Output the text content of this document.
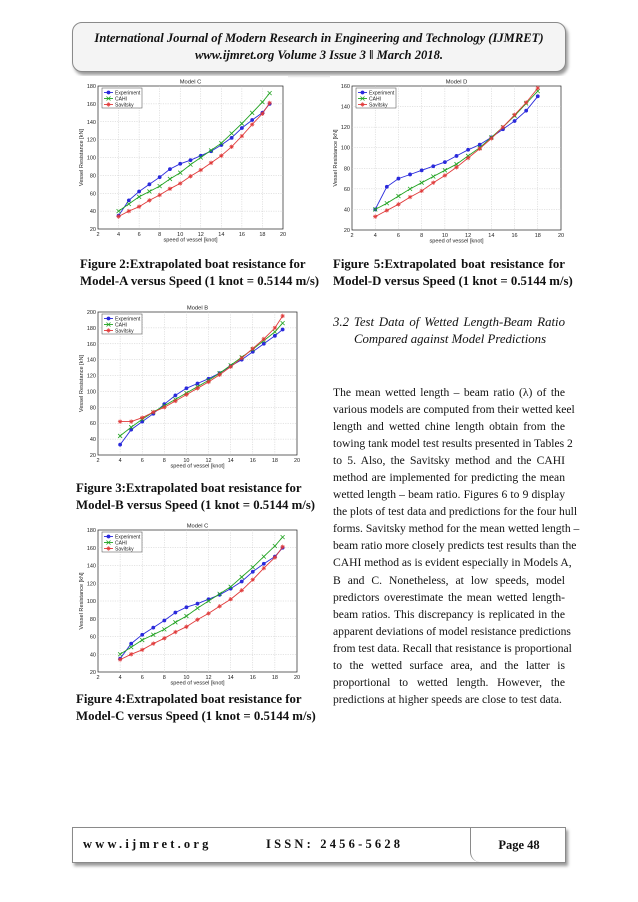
International Journal of Modern Research in Engineering and Technology (IJMRET)
www.ijmret.org Volume 3 Issue 3 ǁ March 2018.
2	4	6	8	10	12	14	16	18	20
20
40
60
80
100
120
140
160
180
Model C
speed of vessel [knot]
Vessel Resistance [kN]
Experiment
CAHI
Savitsky
Figure 2:Extrapolated boat resistance for
Model-A versus Speed (1 knot = 0.5144 m/s)
2	4	6	8	10	12	14	16	18	20
20
40
60
80
100
120
140
160
180
200
Model B
speed of vessel [knot]
Vessel Resistance [kN]
Experiment
CAHI
Savitsky
Figure 3:Extrapolated boat resistance for
Model-B versus Speed (1 knot = 0.5144 m/s)
2	4	6	8	10	12	14	16	18	20
20
40
60
80
100
120
140
160
180
Model C
speed of vessel [knot]
Vessel Resistance [kN]
Experiment
CAHI
Savitsky
Figure 4:Extrapolated boat resistance for
Model-C versus Speed (1 knot = 0.5144 m/s)
2	4	6	8	10	12	14	16	18	20
20
40
60
80
100
120
140
160
Model D
speed of vessel [knot]
Vessel Resistance [kN]
Experiment
CAHI
Savitsky
Figure 5:Extrapolated boat resistance for
Model-D versus Speed (1 knot = 0.5144 m/s)
3.2 Test Data of Wetted Length-Beam Ratio
Compared against Model Predictions
The mean wetted length – beam ratio (λ) of the
various models are computed from their wetted keel
length and wetted chine length obtain from the
towing tank model test results presented in Tables 2
to 5. Also, the Savitsky method and the CAHI
method are implemented for predicting the mean
wetted length – beam ratio. Figures 6 to 9 display
the plots of test data and predictions for the four hull
forms. Savitsky method for the mean wetted length –
beam ratio more closely predicts test results than the
CAHI method as is evident especially in Models A,
B and C. Nonetheless, at low speeds, model
predictors overestimate the mean wetted length-
beam ratios. This discrepancy is replicated in the
apparent deviations of model resistance predictions
from test data. Recall that resistance is proportional
to the wetted surface area, and the latter is
proportional to wetted length. However, the
predictions at higher speeds are close to test data.
www.ijmret.org	ISSN: 2456-5628	Page 48
